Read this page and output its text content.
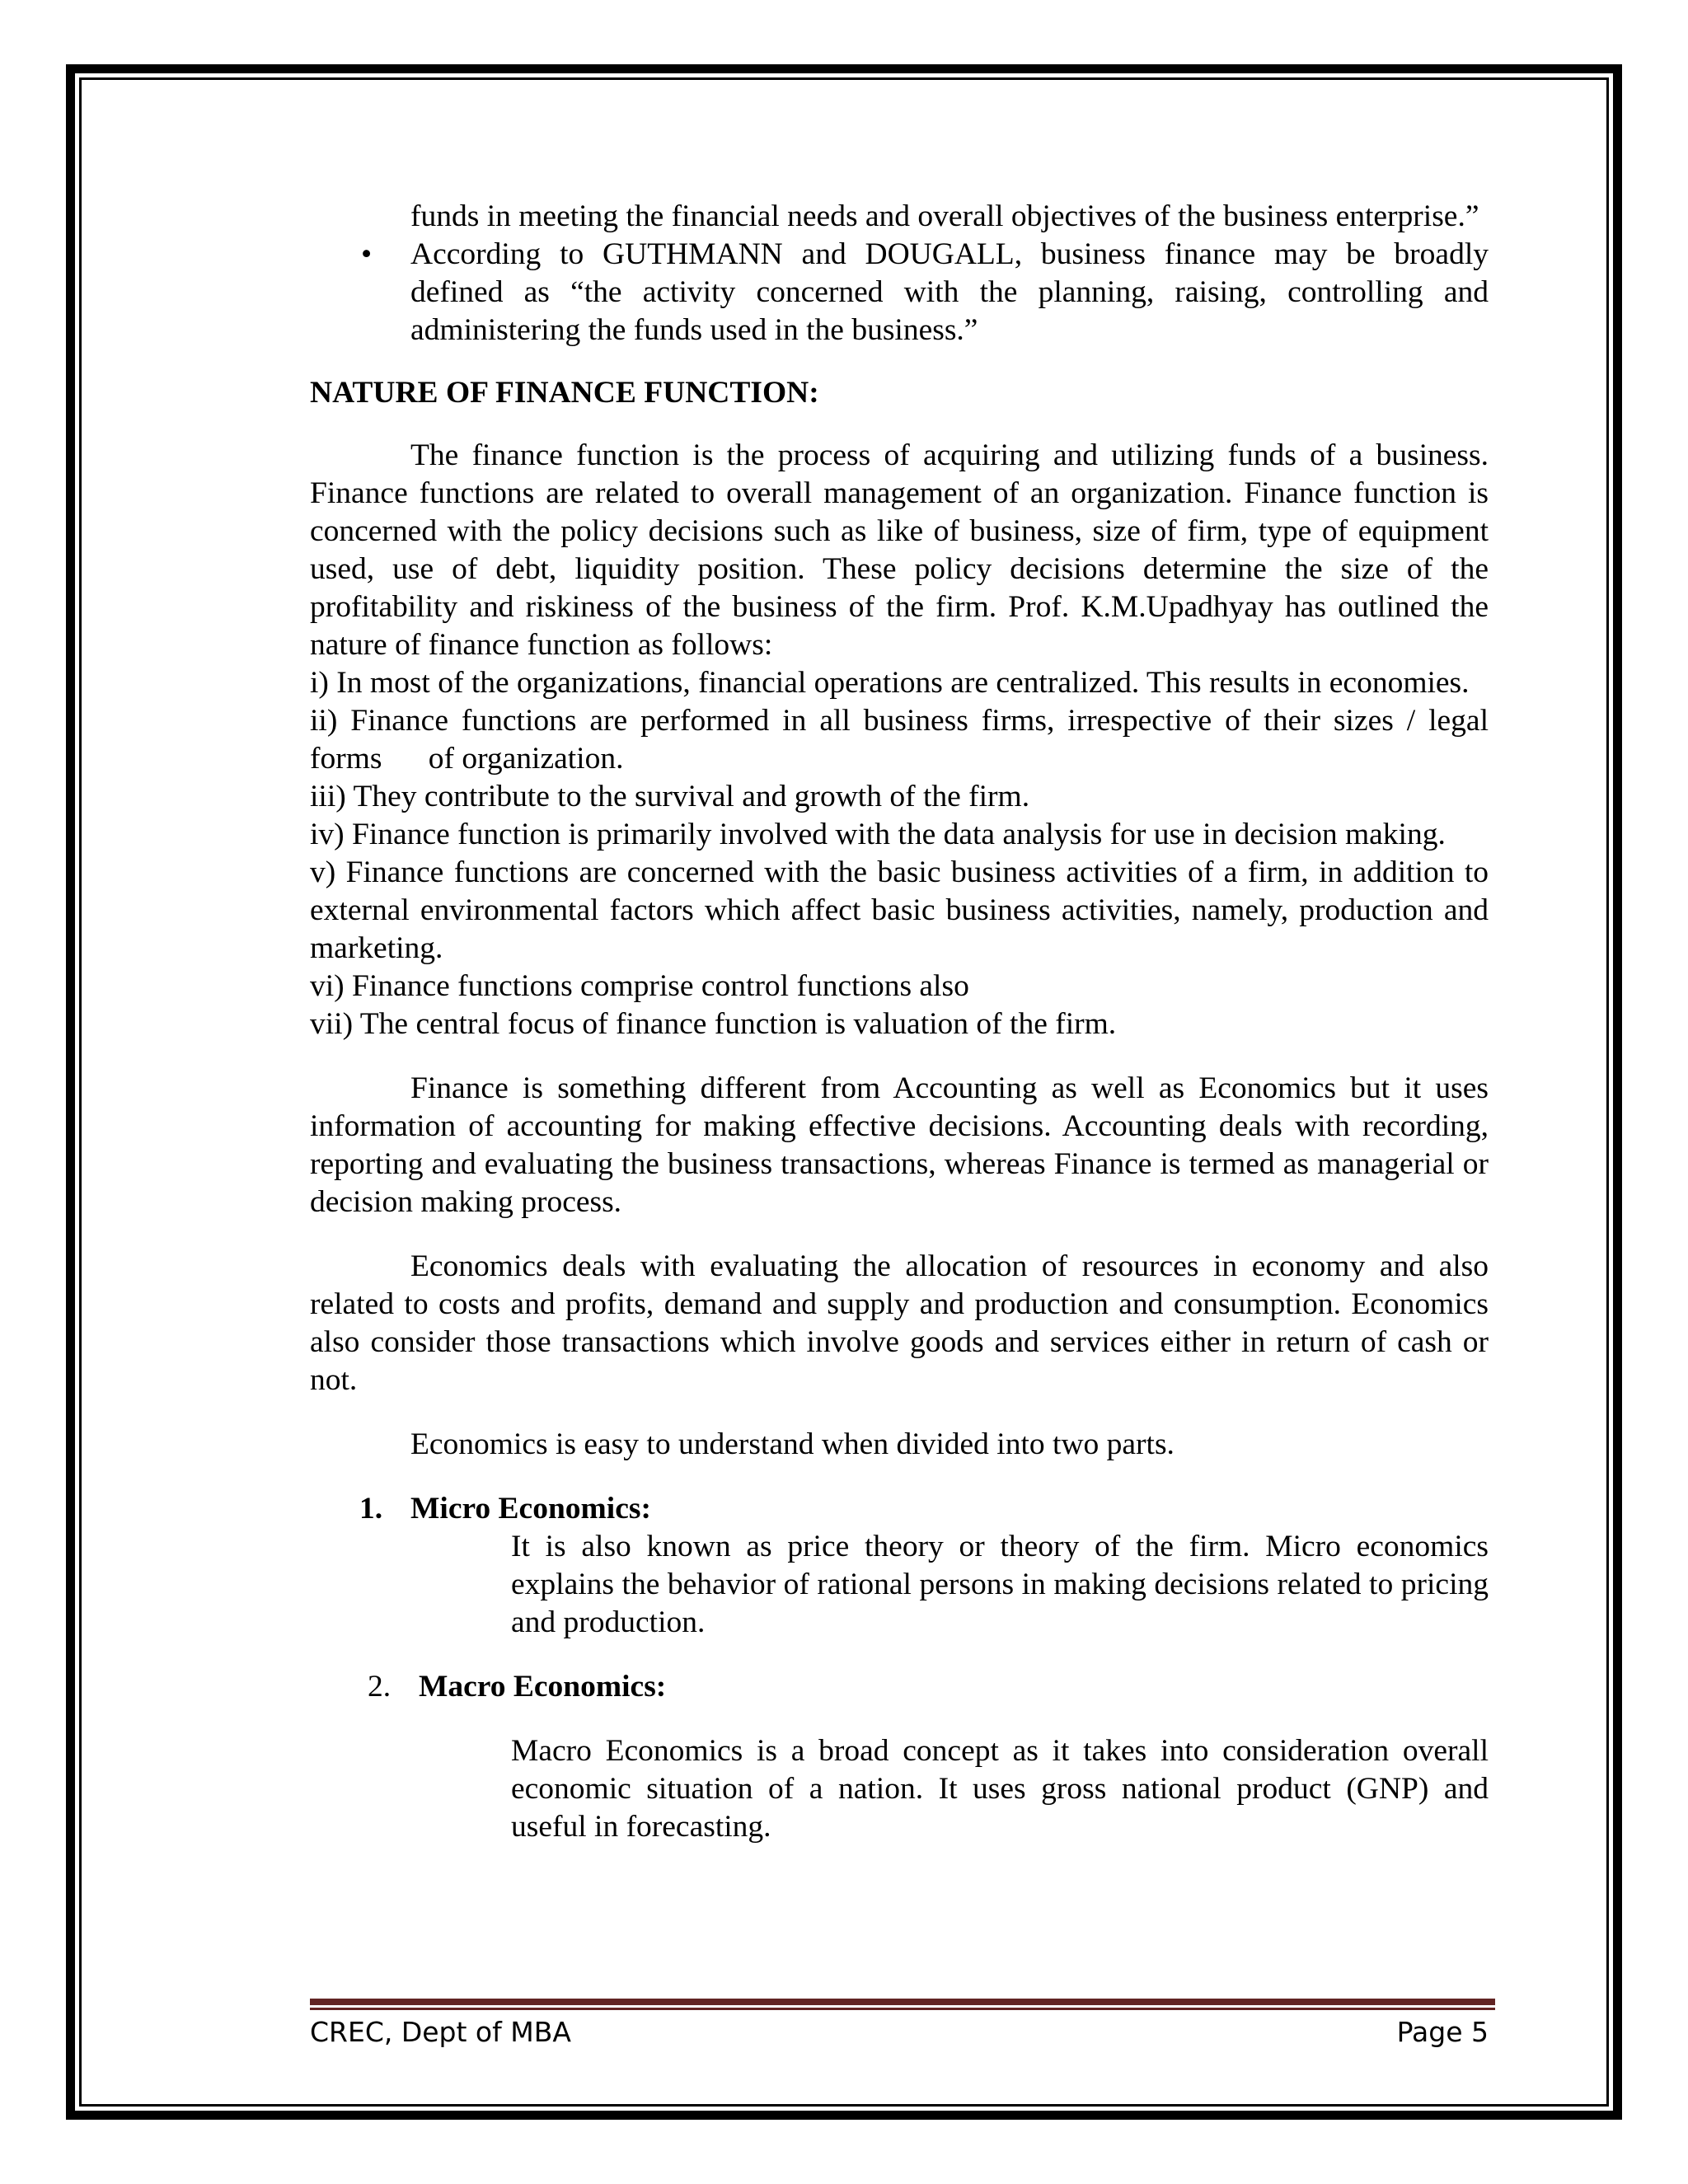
funds in meeting the financial needs and overall objectives of the business enterprise.”

• According to GUTHMANN and DOUGALL, business finance may be broadly defined as “the activity concerned with the planning, raising, controlling and administering the funds used in the business.”

NATURE OF FINANCE FUNCTION:

The finance function is the process of acquiring and utilizing funds of a business. Finance functions are related to overall management of an organization. Finance function is concerned with the policy decisions such as like of business, size of firm, type of equipment used, use of debt, liquidity position. These policy decisions determine the size of the profitability and riskiness of the business of the firm. Prof. K.M.Upadhyay has outlined the nature of finance function as follows:

i) In most of the organizations, financial operations are centralized. This results in economies.

ii) Finance functions are performed in all business firms, irrespective of their sizes / legal forms      of organization.

iii) They contribute to the survival and growth of the firm.

iv) Finance function is primarily involved with the data analysis for use in decision making.

v) Finance functions are concerned with the basic business activities of a firm, in addition to external environmental factors which affect basic business activities, namely, production and marketing.

vi) Finance functions comprise control functions also

vii) The central focus of finance function is valuation of the firm.

Finance is something different from Accounting as well as Economics but it uses information of accounting for making effective decisions. Accounting deals with recording, reporting and evaluating the business transactions, whereas Finance is termed as managerial or decision making process.

Economics deals with evaluating the allocation of resources in economy and also related to costs and profits, demand and supply and production and consumption. Economics also consider those transactions which involve goods and services either in return of cash or not.

Economics is easy to understand when divided into two parts.

1. Micro Economics:

It is also known as price theory or theory of the firm. Micro economics explains the behavior of rational persons in making decisions related to pricing and production.

2. Macro Economics:

Macro Economics is a broad concept as it takes into consideration overall economic situation of a nation. It uses gross national product (GNP) and useful in forecasting.

CREC, Dept of MBA	Page 5
